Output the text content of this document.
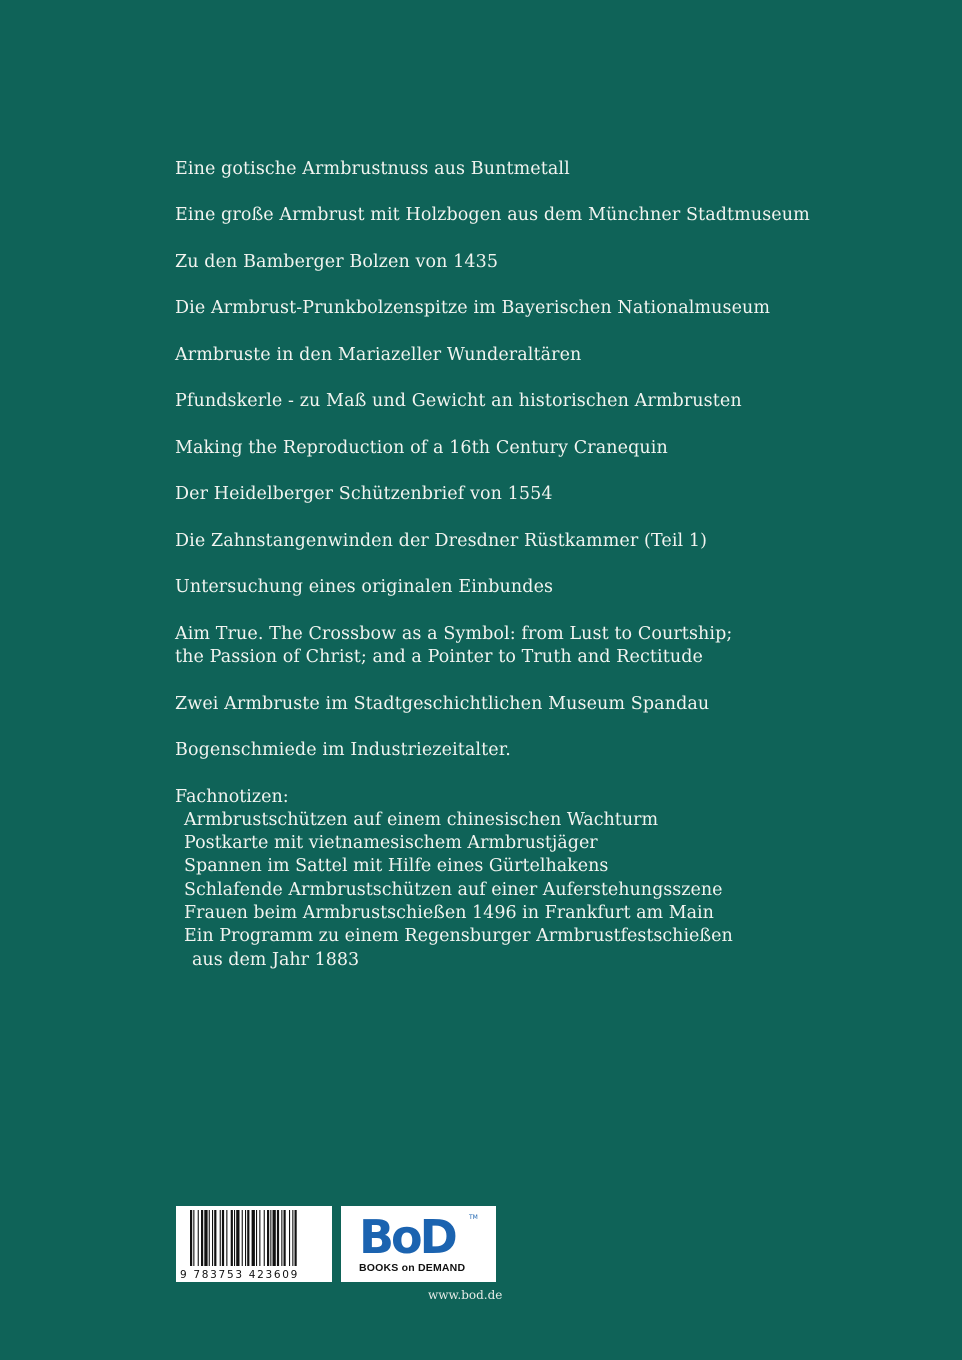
Eine gotische Armbrustnuss aus Buntmetall
Eine große Armbrust mit Holzbogen aus dem Münchner Stadtmuseum
Zu den Bamberger Bolzen von 1435
Die Armbrust-Prunkbolzenspitze im Bayerischen Nationalmuseum
Armbruste in den Mariazeller Wunderaltären
Pfundskerle - zu Maß und Gewicht an historischen Armbrusten
Making the Reproduction of a 16th Century Cranequin
Der Heidelberger Schützenbrief von 1554
Die Zahnstangenwinden der Dresdner Rüstkammer (Teil 1)
Untersuchung eines originalen Einbundes
Aim True. The Crossbow as a Symbol: from Lust to Courtship;
the Passion of Christ; and a Pointer to Truth and Rectitude
Zwei Armbruste im Stadtgeschichtlichen Museum Spandau
Bogenschmiede im Industriezeitalter.
Fachnotizen:
Armbrustschützen auf einem chinesischen Wachturm
Postkarte mit vietnamesischem Armbrustjäger
Spannen im Sattel mit Hilfe eines Gürtelhakens
Schlafende Armbrustschützen auf einer Auferstehungsszene
Frauen beim Armbrustschießen 1496 in Frankfurt am Main
Ein Programm zu einem Regensburger Armbrustfestschießen
aus dem Jahr 1883
9 783753 423609
BoD TM
BOOKS on DEMAND
www.bod.de
